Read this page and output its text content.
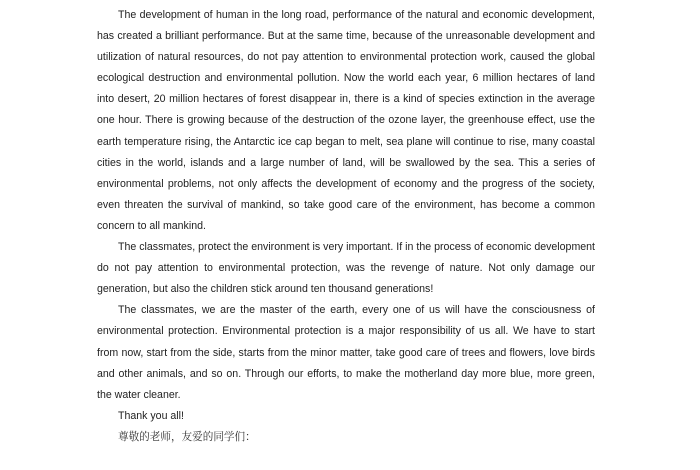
The development of human in the long road, performance of the natural and economic development, has created a brilliant performance. But at the same time, because of the unreasonable development and utilization of natural resources, do not pay attention to environmental protection work, caused the global ecological destruction and environmental pollution. Now the world each year, 6 million hectares of land into desert, 20 million hectares of forest disappear in, there is a kind of species extinction in the average one hour. There is growing because of the destruction of the ozone layer, the greenhouse effect, use the earth temperature rising, the Antarctic ice cap began to melt, sea plane will continue to rise, many coastal cities in the world, islands and a large number of land, will be swallowed by the sea. This a series of environmental problems, not only affects the development of economy and the progress of the society, even threaten the survival of mankind, so take good care of the environment, has become a common concern to all mankind.

The classmates, protect the environment is very important. If in the process of economic development do not pay attention to environmental protection, was the revenge of nature. Not only damage our generation, but also the children stick around ten thousand generations!

The classmates, we are the master of the earth, every one of us will have the consciousness of environmental protection. Environmental protection is a major responsibility of us all. We have to start from now, start from the side, starts from the minor matter, take good care of trees and flowers, love birds and other animals, and so on. Through our efforts, to make the motherland day more blue, more green, the water cleaner.

Thank you all!

尊敬的老师，友爱的同学们：
